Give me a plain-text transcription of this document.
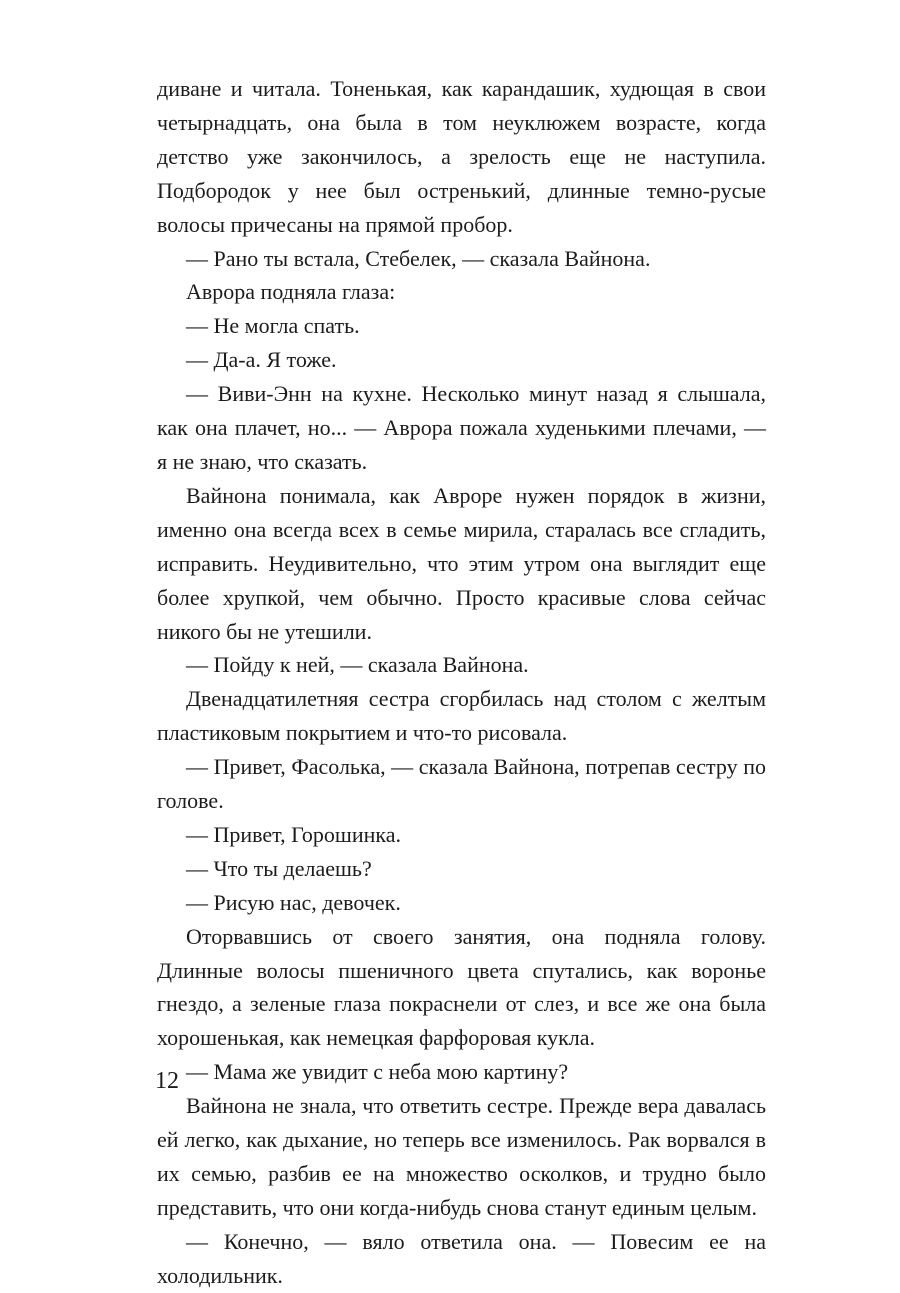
диване и читала. Тоненькая, как карандашик, худющая в свои четырнадцать, она была в том неуклюжем возрасте, когда детство уже закончилось, а зрелость еще не наступила. Подбородок у нее был остренький, длинные темно-русые волосы причесаны на прямой пробор.

— Рано ты встала, Стебелек, — сказала Вайнона.

Аврора подняла глаза:

— Не могла спать.

— Да-а. Я тоже.

— Виви-Энн на кухне. Несколько минут назад я слышала, как она плачет, но... — Аврора пожала худенькими плечами, — я не знаю, что сказать.

Вайнона понимала, как Авроре нужен порядок в жизни, именно она всегда всех в семье мирила, старалась все сгладить, исправить. Неудивительно, что этим утром она выглядит еще более хрупкой, чем обычно. Просто красивые слова сейчас никого бы не утешили.

— Пойду к ней, — сказала Вайнона.

Двенадцатилетняя сестра сгорбилась над столом с желтым пластиковым покрытием и что-то рисовала.

— Привет, Фасолька, — сказала Вайнона, потрепав сестру по голове.

— Привет, Горошинка.

— Что ты делаешь?

— Рисую нас, девочек.

Оторвавшись от своего занятия, она подняла голову. Длинные волосы пшеничного цвета спутались, как воронье гнездо, а зеленые глаза покраснели от слез, и все же она была хорошенькая, как немецкая фарфоровая кукла.

— Мама же увидит с неба мою картину?

Вайнона не знала, что ответить сестре. Прежде вера давалась ей легко, как дыхание, но теперь все изменилось. Рак ворвался в их семью, разбив ее на множество осколков, и трудно было представить, что они когда-нибудь снова станут единым целым.

— Конечно, — вяло ответила она. — Повесим ее на холодильник.

12
